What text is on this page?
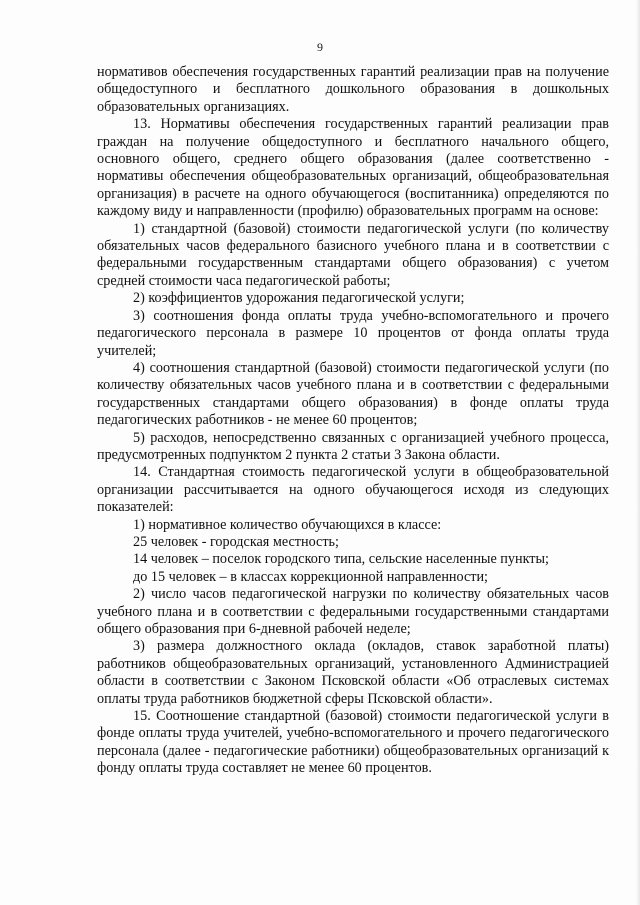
9

нормативов обеспечения государственных гарантий реализации прав на получение общедоступного и бесплатного дошкольного образования в дошкольных образовательных организациях.

13. Нормативы обеспечения государственных гарантий реализации прав граждан на получение общедоступного и бесплатного начального общего, основного общего, среднего общего образования (далее соответственно - нормативы обеспечения общеобразовательных организаций, общеобразовательная организация) в расчете на одного обучающегося (воспитанника) определяются по каждому виду и направленности (профилю) образовательных программ на основе:

1) стандартной (базовой) стоимости педагогической услуги (по количеству обязательных часов федерального базисного учебного плана и в соответствии с федеральными государственным стандартами общего образования) с учетом средней стоимости часа педагогической работы;

2) коэффициентов удорожания педагогической услуги;

3) соотношения фонда оплаты труда учебно-вспомогательного и прочего педагогического персонала в размере 10 процентов от фонда оплаты труда учителей;

4) соотношения стандартной (базовой) стоимости педагогической услуги (по количеству обязательных часов учебного плана и в соответствии с федеральными государственных стандартами общего образования) в фонде оплаты труда педагогических работников - не менее 60 процентов;

5) расходов, непосредственно связанных с организацией учебного процесса, предусмотренных подпунктом 2 пункта 2 статьи 3 Закона области.

14. Стандартная стоимость педагогической услуги в общеобразовательной организации рассчитывается на одного обучающегося исходя из следующих показателей:

1) нормативное количество обучающихся в классе:

25 человек - городская местность;

14 человек – поселок городского типа, сельские населенные пункты;

до 15 человек – в классах коррекционной направленности;

2) число часов педагогической нагрузки по количеству обязательных часов учебного плана и в соответствии с федеральными государственными стандартами общего образования при 6-дневной рабочей неделе;

3) размера должностного оклада (окладов, ставок заработной платы) работников общеобразовательных организаций, установленного Администрацией области в соответствии с Законом Псковской области «Об отраслевых системах оплаты труда работников бюджетной сферы Псковской области».

15. Соотношение стандартной (базовой) стоимости педагогической услуги в фонде оплаты труда учителей, учебно-вспомогательного и прочего педагогического персонала (далее - педагогические работники) общеобразовательных организаций к фонду оплаты труда составляет не менее 60 процентов.
